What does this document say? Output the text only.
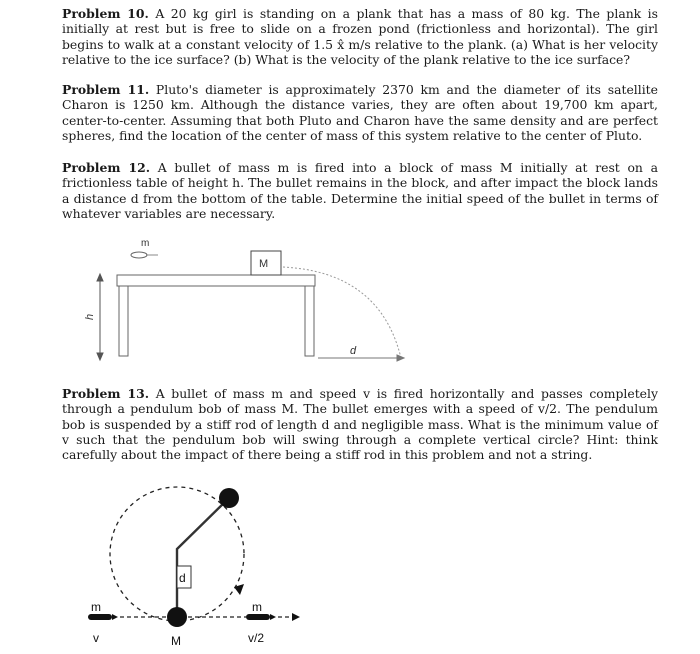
Problem 10. A 20 kg girl is standing on a plank that has a mass of 80 kg. The plank is initially at rest but is free to slide on a frozen pond (frictionless and horizontal). The girl begins to walk at a constant velocity of 1.5 x̂ m/s relative to the plank. (a) What is her velocity relative to the ice surface? (b) What is the velocity of the plank relative to the ice surface?
Problem 11. Pluto's diameter is approximately 2370 km and the diameter of its satellite Charon is 1250 km. Although the distance varies, they are often about 19,700 km apart, center-to-center. Assuming that both Pluto and Charon have the same density and are perfect spheres, find the location of the center of mass of this system relative to the center of Pluto.
Problem 12. A bullet of mass m is fired into a block of mass M initially at rest on a frictionless table of height h. The bullet remains in the block, and after impact the block lands a distance d from the bottom of the table. Determine the initial speed of the bullet in terms of whatever variables are necessary.
h
m
M
d
Problem 13. A bullet of mass m and speed v is fired horizontally and passes completely through a pendulum bob of mass M. The bullet emerges with a speed of v/2. The pendulum bob is suspended by a stiff rod of length d and negligible mass. What is the minimum value of v such that the pendulum bob will swing through a complete vertical circle? Hint: think carefully about the impact of there being a stiff rod in this problem and not a string.
d
m
v
m
v/2
M
